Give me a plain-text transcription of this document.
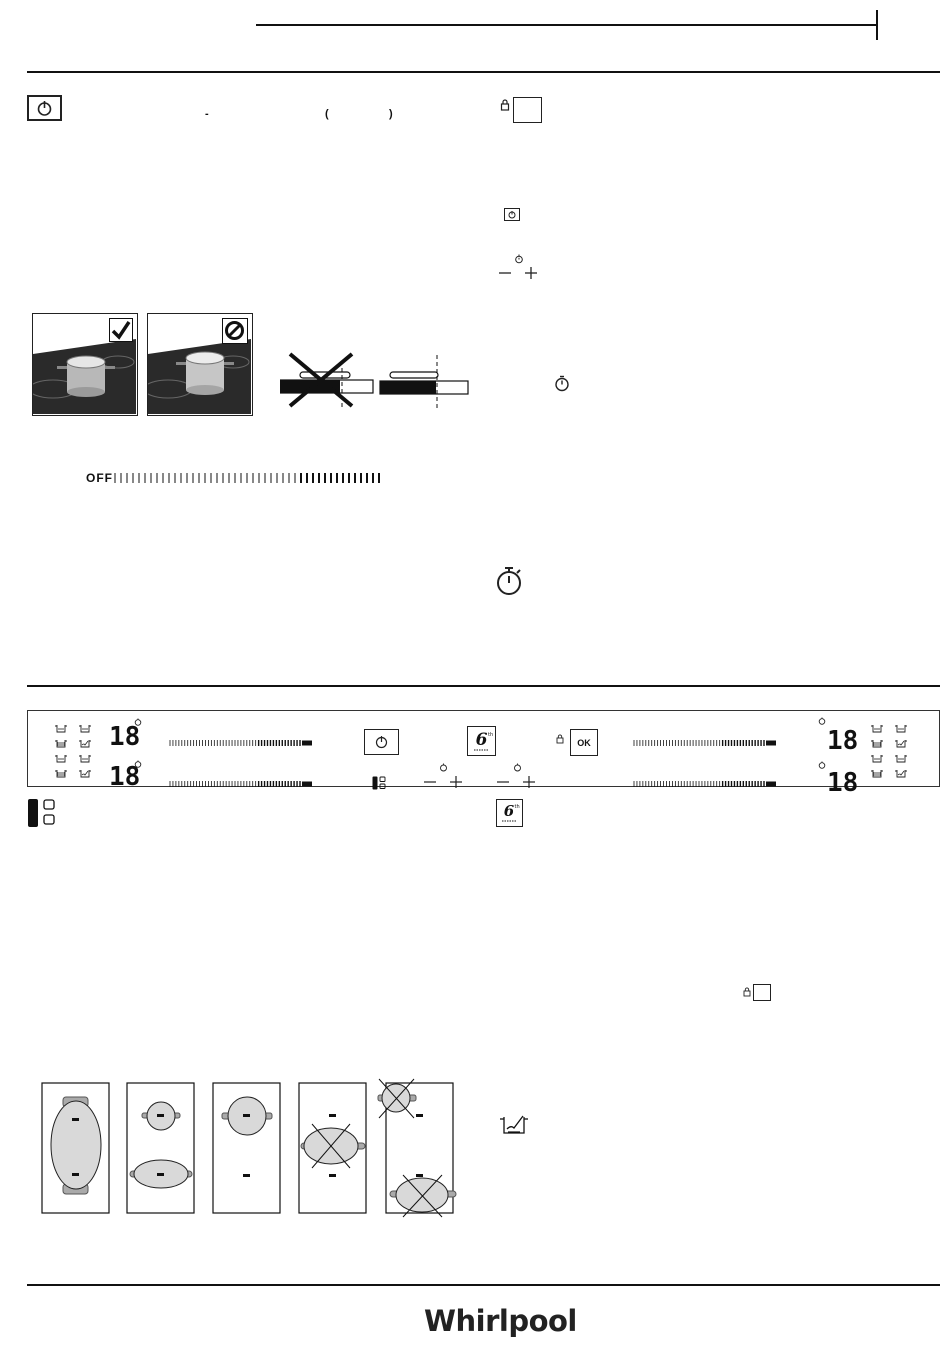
-	(	)
OFF
18
18
6 th
OK	18
18
6 th
Whirlpool
